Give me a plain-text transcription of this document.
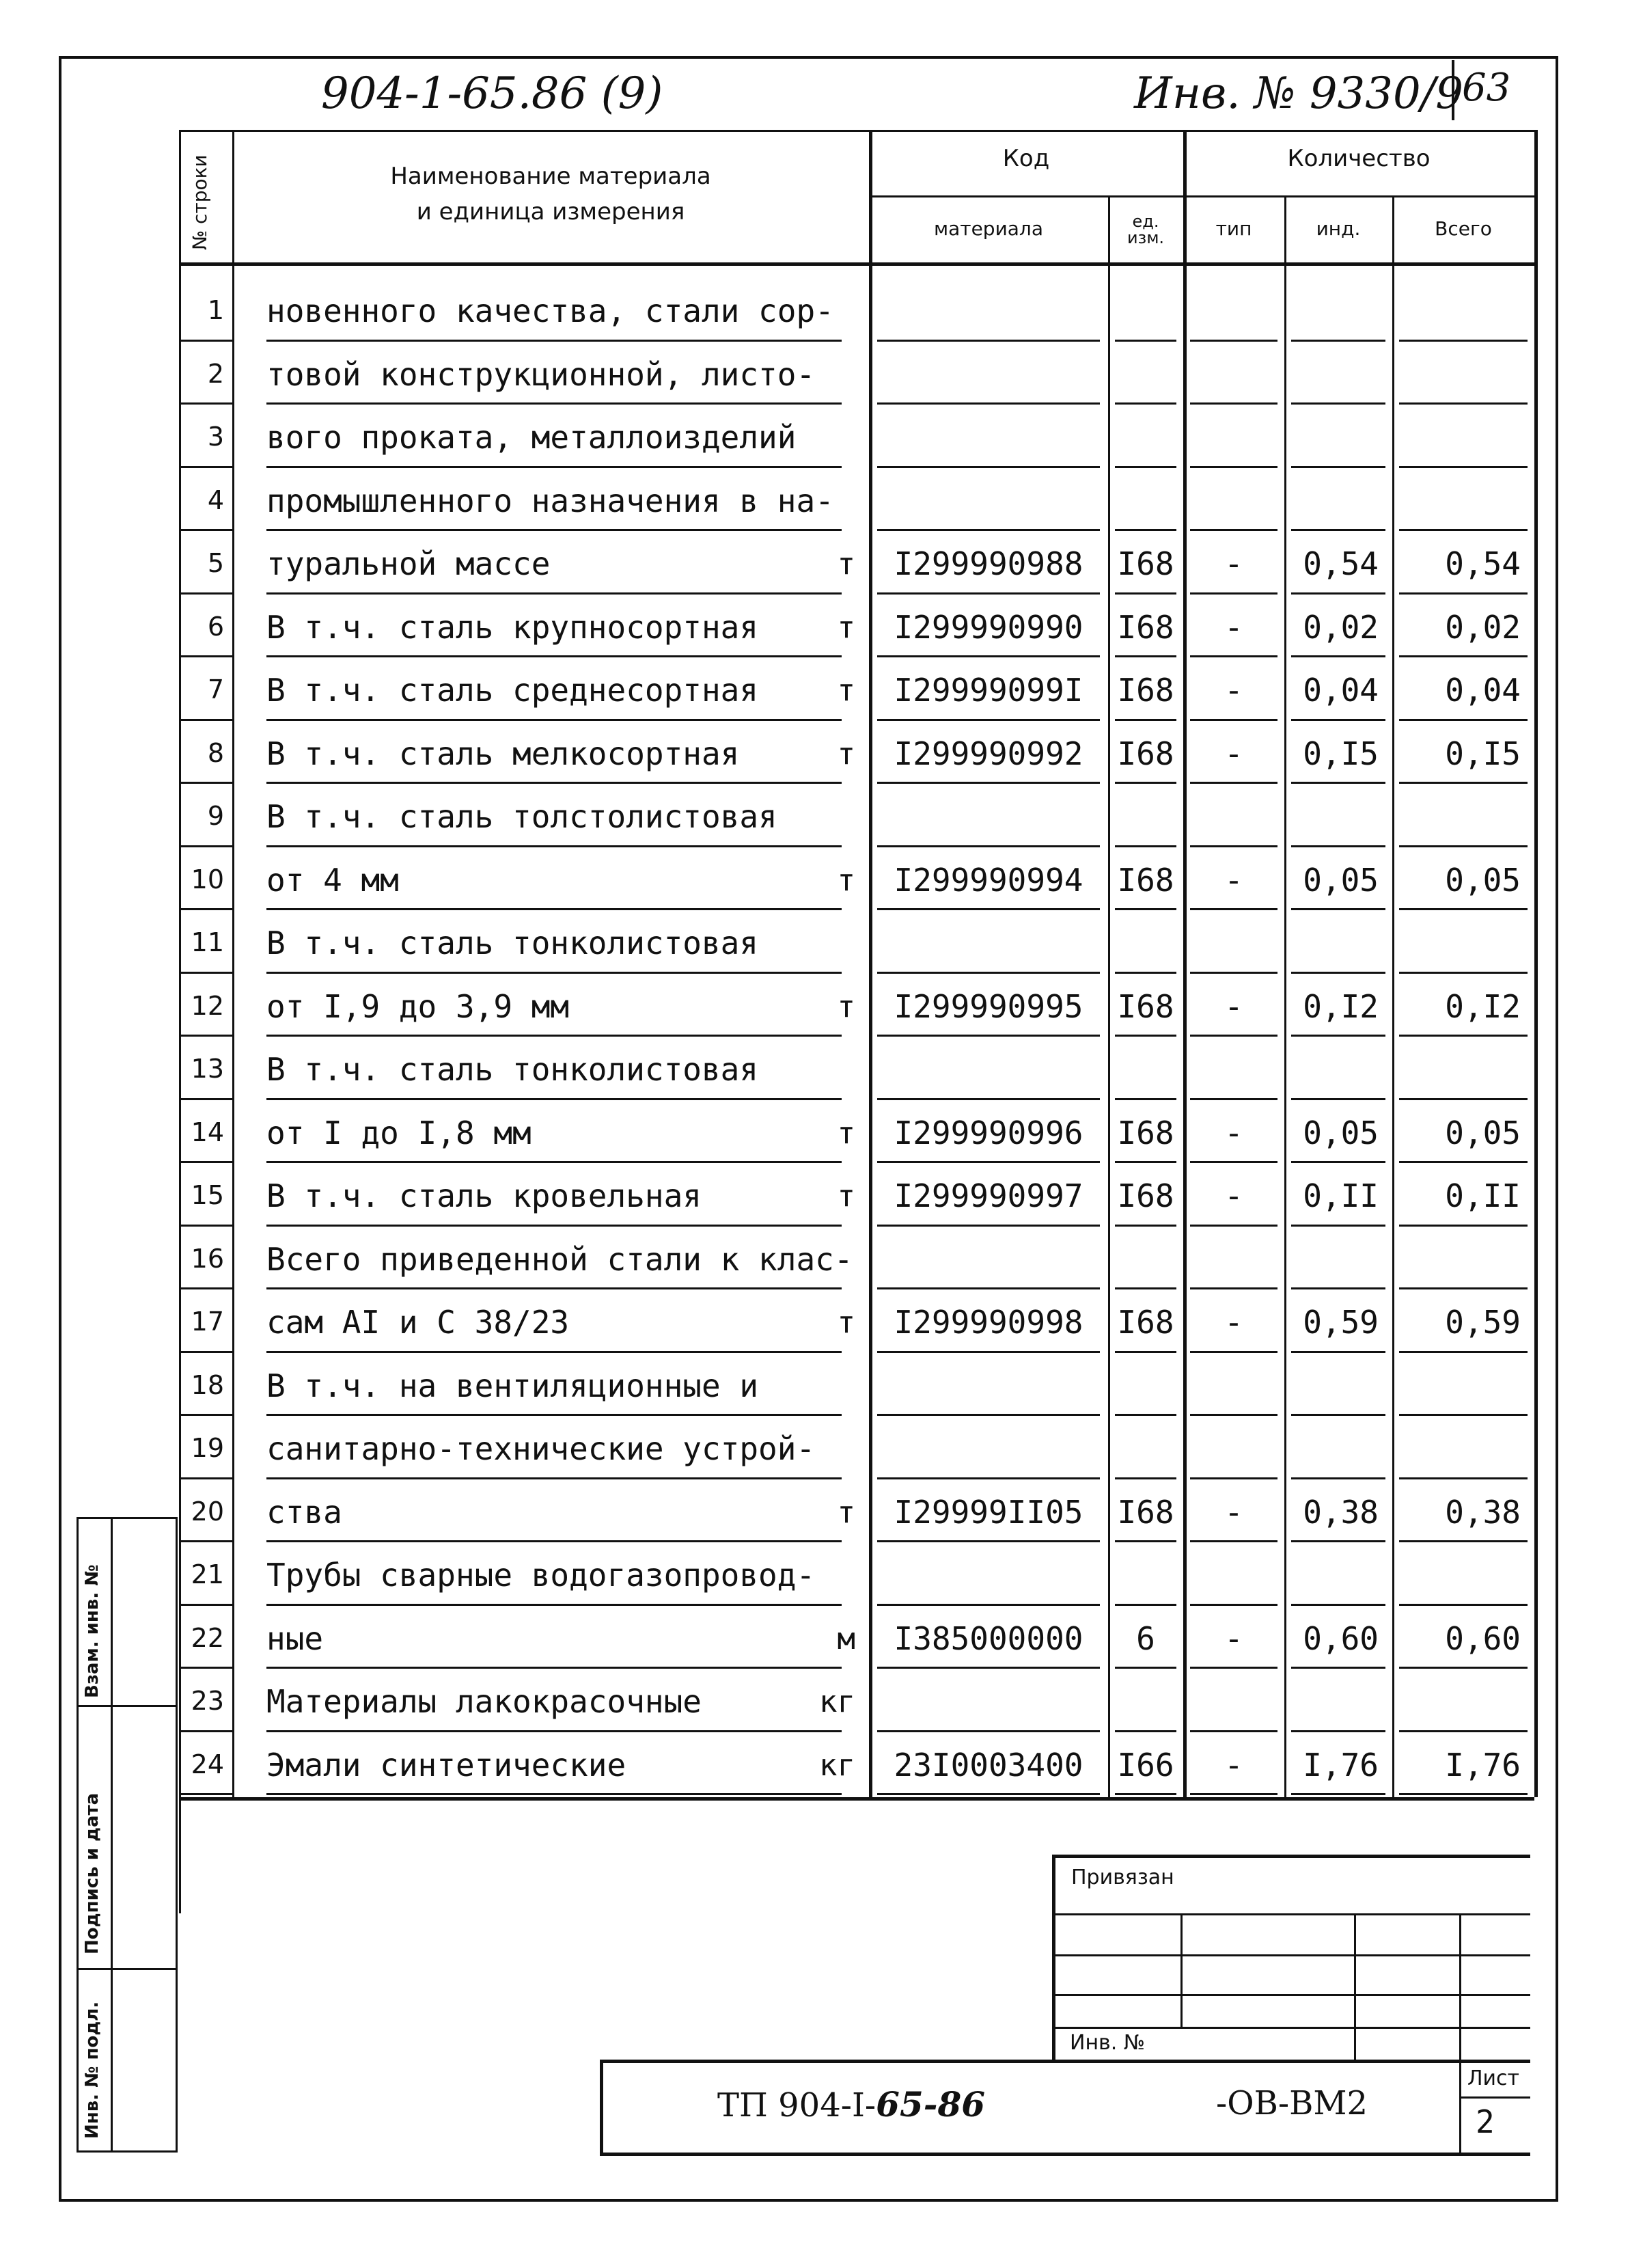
904-1-65.86 (9)	Инв. № 9330/9
63
№ строки	Наименование материала
и единица измерения
Код	Количество
материала	ед.
изм.	тип	инд.	Всего
1 новенного качества, стали сор-
2 товой конструкционной, листо-
3 вого проката, металлоизделий
4 промышленного назначения в на-
5 туральной массе	т	I299990988	I68	-	0,54	0,54
6 В т.ч. сталь крупносортная	т	I299990990	I68	-	0,02	0,02
7 В т.ч. сталь среднесортная	т	I29999099I	I68	-	0,04	0,04
8 В т.ч. сталь мелкосортная	т	I299990992	I68	-	0,I5	0,I5
9 В т.ч. сталь толстолистовая
10 от 4 мм	т	I299990994	I68	-	0,05	0,05
11 В т.ч. сталь тонколистовая
12 от I,9 до 3,9 мм	т	I299990995	I68	-	0,I2	0,I2
13 В т.ч. сталь тонколистовая
14 от I до I,8 мм	т	I299990996	I68	-	0,05	0,05
15 В т.ч. сталь кровельная	т	I299990997	I68	-	0,II	0,II
16 Всего приведенной стали к клас-
17 сам АI и С 38/23	т	I299990998	I68	-	0,59	0,59
18 В т.ч. на вентиляционные и
19 санитарно-технические устрой-
20 ства	т	I29999II05	I68	-	0,38	0,38
21 Трубы сварные водогазопровод-
22 ные	м	I385000000	6	-	0,60	0,60
23 Материалы лакокрасочные	кг
24 Эмали синтетические	кг	23I0003400	I66	-	I,76	I,76
Взам. инв. №
Подпись и дата
Инв. № подл.
Привязан
Инв. №
Лист
2
ТП 904-I-65-86	-ОВ-ВМ2
